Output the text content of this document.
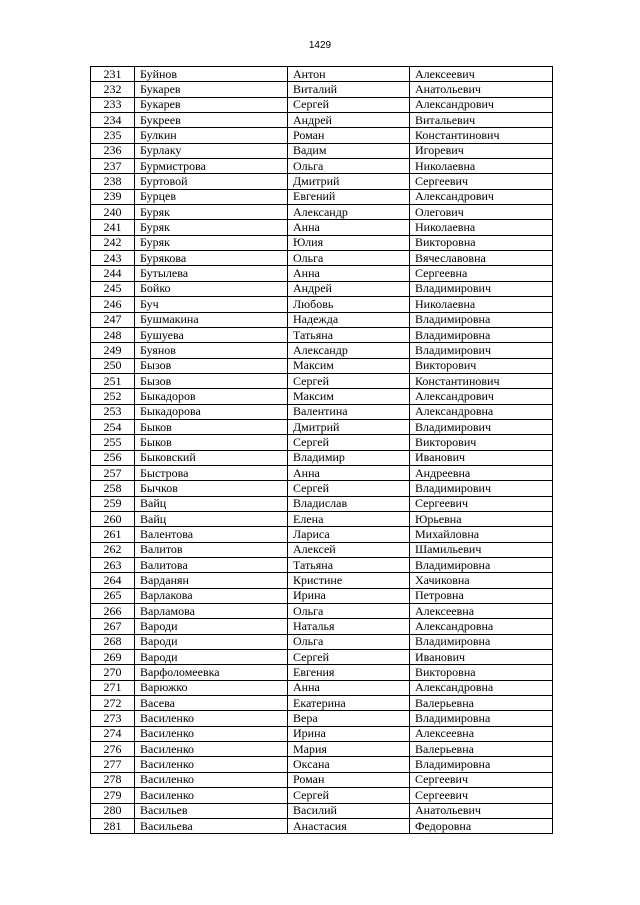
1429
231	Буйнов	Антон	Алексеевич
232	Букарев	Виталий	Анатольевич
233	Букарев	Сергей	Александрович
234	Букреев	Андрей	Витальевич
235	Булкин	Роман	Константинович
236	Бурлаку	Вадим	Игоревич
237	Бурмистрова	Ольга	Николаевна
238	Буртовой	Дмитрий	Сергеевич
239	Бурцев	Евгений	Александрович
240	Буряк	Александр	Олегович
241	Буряк	Анна	Николаевна
242	Буряк	Юлия	Викторовна
243	Бурякова	Ольга	Вячеславовна
244	Бутылева	Анна	Сергеевна
245	Бойко	Андрей	Владимирович
246	Буч	Любовь	Николаевна
247	Бушмакина	Надежда	Владимировна
248	Бушуева	Татьяна	Владимировна
249	Буянов	Александр	Владимирович
250	Бызов	Максим	Викторович
251	Бызов	Сергей	Константинович
252	Быкадоров	Максим	Александрович
253	Быкадорова	Валентина	Александровна
254	Быков	Дмитрий	Владимирович
255	Быков	Сергей	Викторович
256	Быковский	Владимир	Иванович
257	Быстрова	Анна	Андреевна
258	Бычков	Сергей	Владимирович
259	Вайц	Владислав	Сергеевич
260	Вайц	Елена	Юрьевна
261	Валентова	Лариса	Михайловна
262	Валитов	Алексей	Шамильевич
263	Валитова	Татьяна	Владимировна
264	Варданян	Кристине	Хачиковна
265	Варлакова	Ирина	Петровна
266	Варламова	Ольга	Алексеевна
267	Вароди	Наталья	Александровна
268	Вароди	Ольга	Владимировна
269	Вароди	Сергей	Иванович
270	Варфоломеевка	Евгения	Викторовна
271	Варюжко	Анна	Александровна
272	Васева	Екатерина	Валерьевна
273	Василенко	Вера	Владимировна
274	Василенко	Ирина	Алексеевна
276	Василенко	Мария	Валерьевна
277	Василенко	Оксана	Владимировна
278	Василенко	Роман	Сергеевич
279	Василенко	Сергей	Сергеевич
280	Васильев	Василий	Анатольевич
281	Васильева	Анастасия	Федоровна
